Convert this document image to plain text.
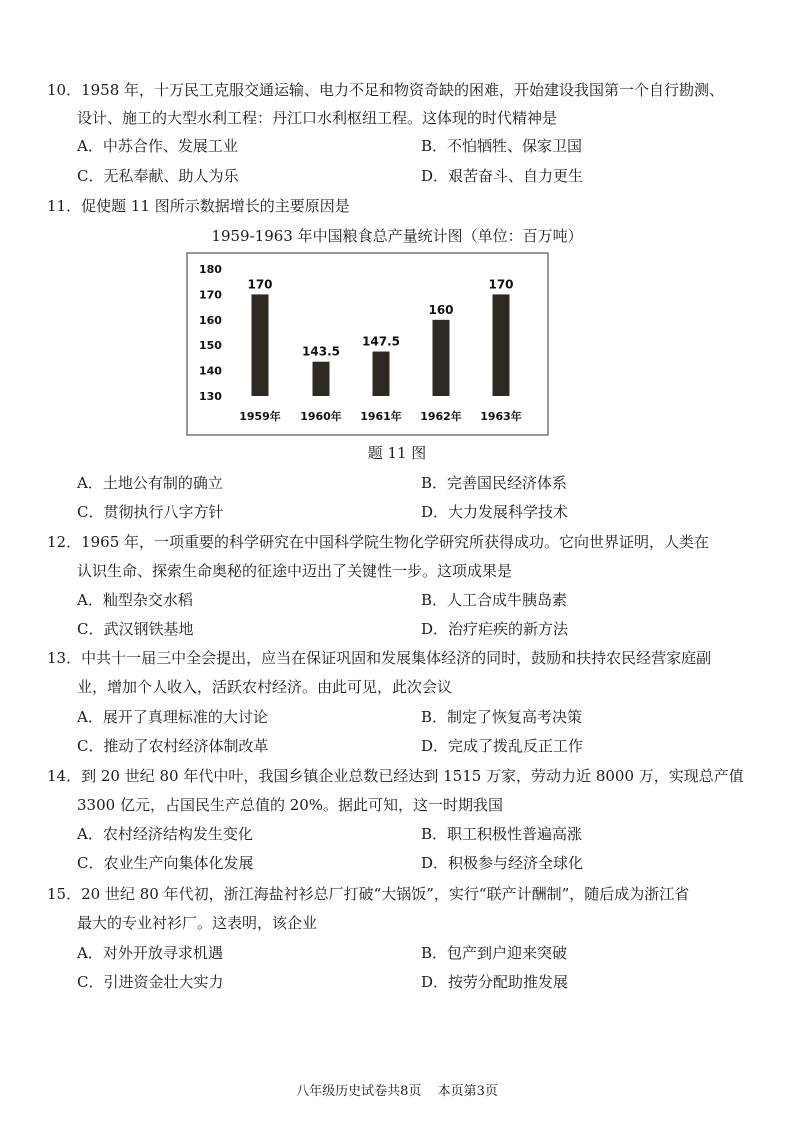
10．1958 年，十万民工克服交通运输、电力不足和物资奇缺的困难，开始建设我国第一个自行勘测、
设计、施工的大型水利工程：丹江口水利枢纽工程。这体现的时代精神是
A．中苏合作、发展工业	B．不怕牺牲、保家卫国
C．无私奉献、助人为乐	D．艰苦奋斗、自力更生
11．促使题 11 图所示数据增长的主要原因是
1959-1963 年中国粮食总产量统计图（单位：百万吨）
180
170
160
150
140
130
170
1959年
143.5
1960年
147.5
1961年
160
1962年
170
1963年
题 11 图
A．土地公有制的确立	B．完善国民经济体系
C．贯彻执行八字方针	D．大力发展科学技术
12．1965 年，一项重要的科学研究在中国科学院生物化学研究所获得成功。它向世界证明，人类在
认识生命、探索生命奥秘的征途中迈出了关键性一步。这项成果是
A．籼型杂交水稻	B．人工合成牛胰岛素
C．武汉钢铁基地	D．治疗疟疾的新方法
13．中共十一届三中全会提出，应当在保证巩固和发展集体经济的同时，鼓励和扶持农民经营家庭副
业，增加个人收入，活跃农村经济。由此可见，此次会议
A．展开了真理标准的大讨论	B．制定了恢复高考决策
C．推动了农村经济体制改革	D．完成了拨乱反正工作
14．到 20 世纪 80 年代中叶，我国乡镇企业总数已经达到 1515 万家，劳动力近 8000 万，实现总产值
3300 亿元，占国民生产总值的 20%。据此可知，这一时期我国
A．农村经济结构发生变化	B．职工积极性普遍高涨
C．农业生产向集体化发展	D．积极参与经济全球化
15．20 世纪 80 年代初，浙江海盐衬衫总厂打破“大锅饭”，实行“联产计酬制”，随后成为浙江省
最大的专业衬衫厂。这表明，该企业
A．对外开放寻求机遇	B．包产到户迎来突破
C．引进资金壮大实力	D．按劳分配助推发展
八年级历史试卷共8页 本页第3页
